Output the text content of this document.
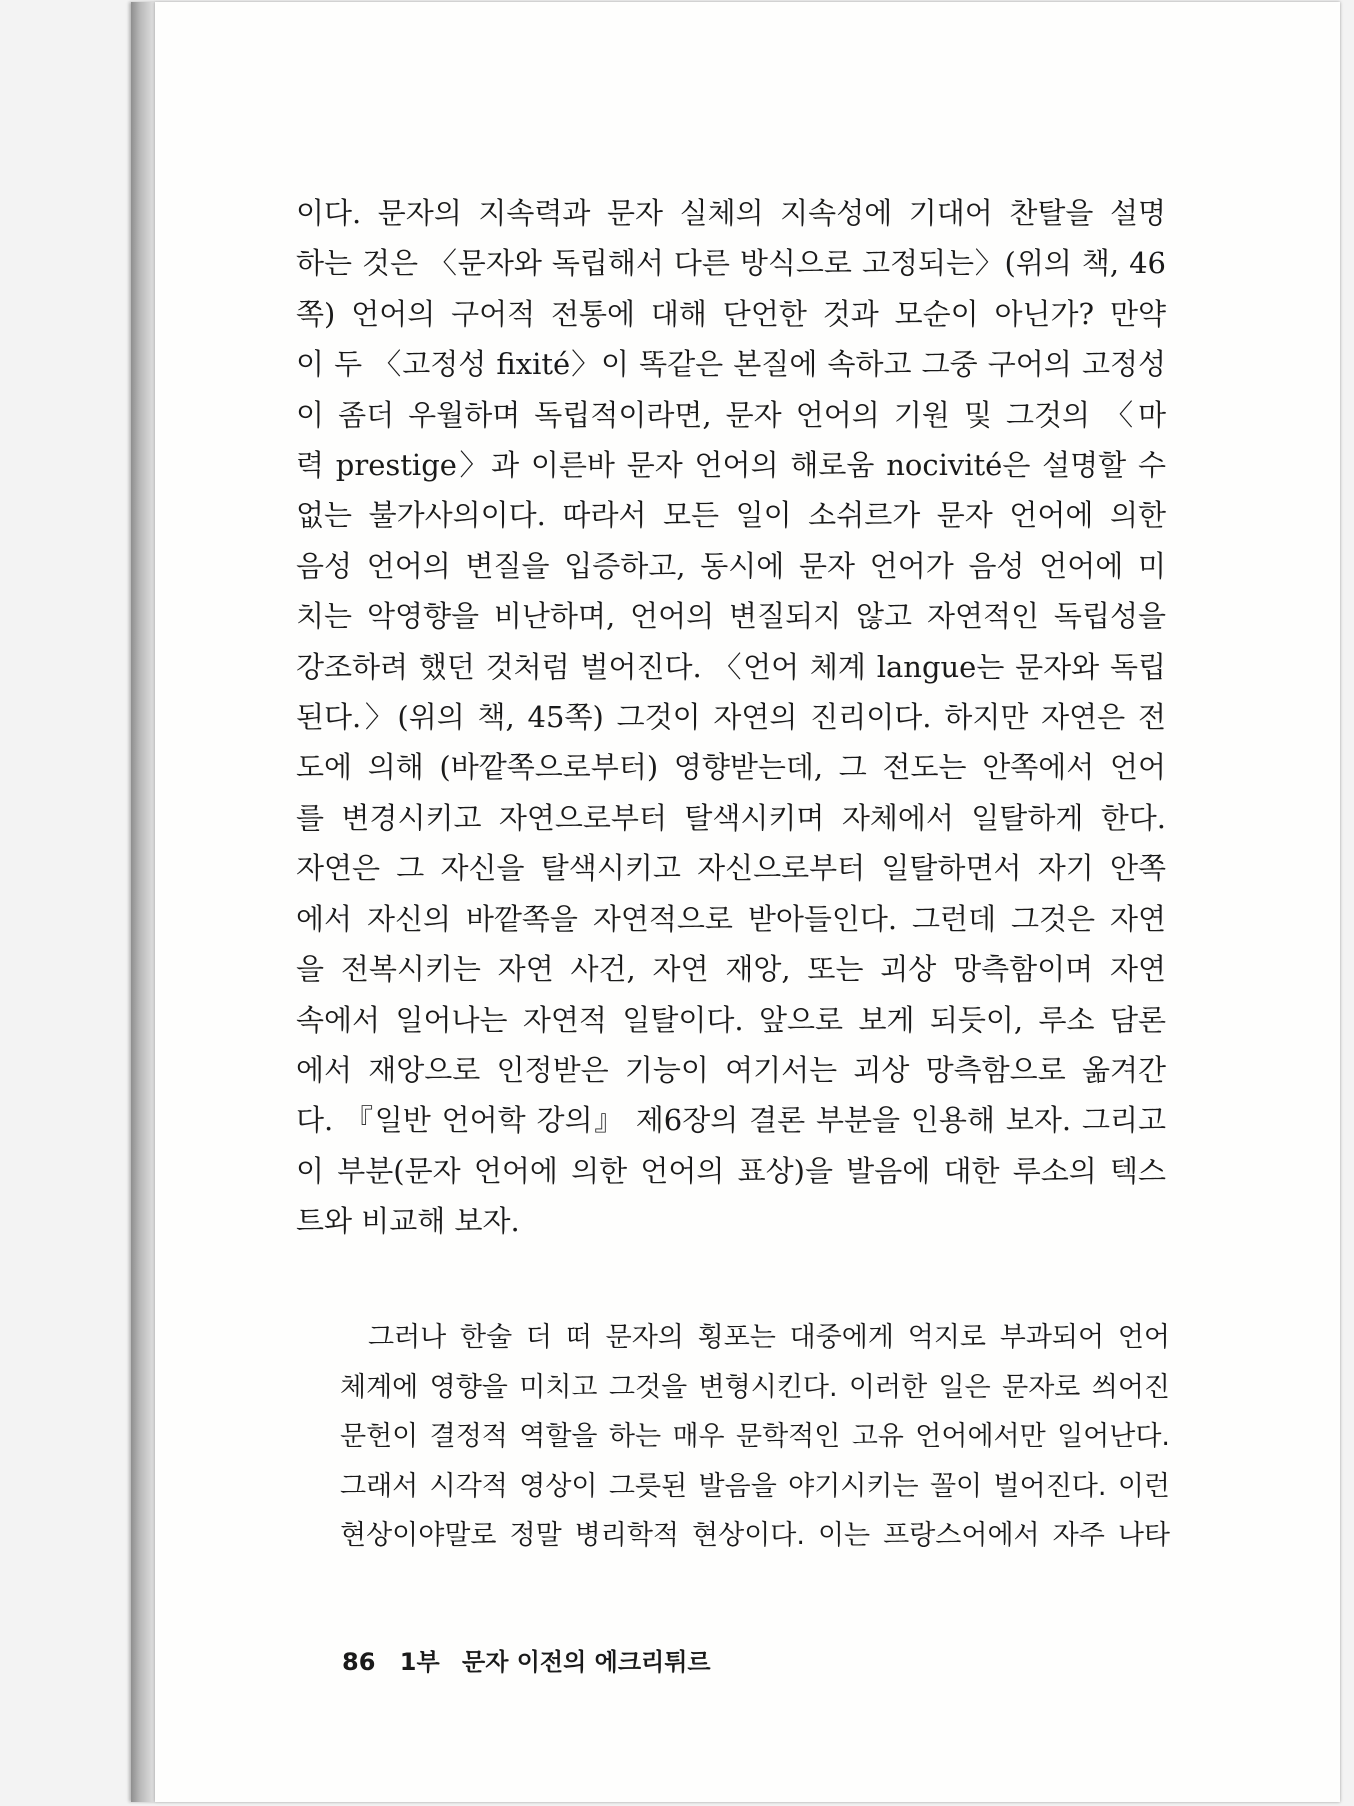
이다. 문자의 지속력과 문자 실체의 지속성에 기대어 찬탈을 설명
하는 것은 〈문자와 독립해서 다른 방식으로 고정되는〉(위의 책, 46
쪽) 언어의 구어적 전통에 대해 단언한 것과 모순이 아닌가? 만약
이 두 〈고정성 fixité〉이 똑같은 본질에 속하고 그중 구어의 고정성
이 좀더 우월하며 독립적이라면, 문자 언어의 기원 및 그것의 〈마
력 prestige〉과 이른바 문자 언어의 해로움 nocivité은 설명할 수
없는 불가사의이다. 따라서 모든 일이 소쉬르가 문자 언어에 의한
음성 언어의 변질을 입증하고, 동시에 문자 언어가 음성 언어에 미
치는 악영향을 비난하며, 언어의 변질되지 않고 자연적인 독립성을
강조하려 했던 것처럼 벌어진다. 〈언어 체계 langue는 문자와 독립
된다.〉(위의 책, 45쪽) 그것이 자연의 진리이다. 하지만 자연은 전
도에 의해 (바깥쪽으로부터) 영향받는데, 그 전도는 안쪽에서 언어
를 변경시키고 자연으로부터 탈색시키며 자체에서 일탈하게 한다.
자연은 그 자신을 탈색시키고 자신으로부터 일탈하면서 자기 안쪽
에서 자신의 바깥쪽을 자연적으로 받아들인다. 그런데 그것은 자연
을 전복시키는 자연 사건, 자연 재앙, 또는 괴상 망측함이며 자연
속에서 일어나는 자연적 일탈이다. 앞으로 보게 되듯이, 루소 담론
에서 재앙으로 인정받은 기능이 여기서는 괴상 망측함으로 옮겨간
다. 『일반 언어학 강의』 제6장의 결론 부분을 인용해 보자. 그리고
이 부분(문자 언어에 의한 언어의 표상)을 발음에 대한 루소의 텍스
트와 비교해 보자.
그러나 한술 더 떠 문자의 횡포는 대중에게 억지로 부과되어 언어
체계에 영향을 미치고 그것을 변형시킨다. 이러한 일은 문자로 씌어진
문헌이 결정적 역할을 하는 매우 문학적인 고유 언어에서만 일어난다.
그래서 시각적 영상이 그릇된 발음을 야기시키는 꼴이 벌어진다. 이런
현상이야말로 정말 병리학적 현상이다. 이는 프랑스어에서 자주 나타
86 1부 문자 이전의 에크리튀르
